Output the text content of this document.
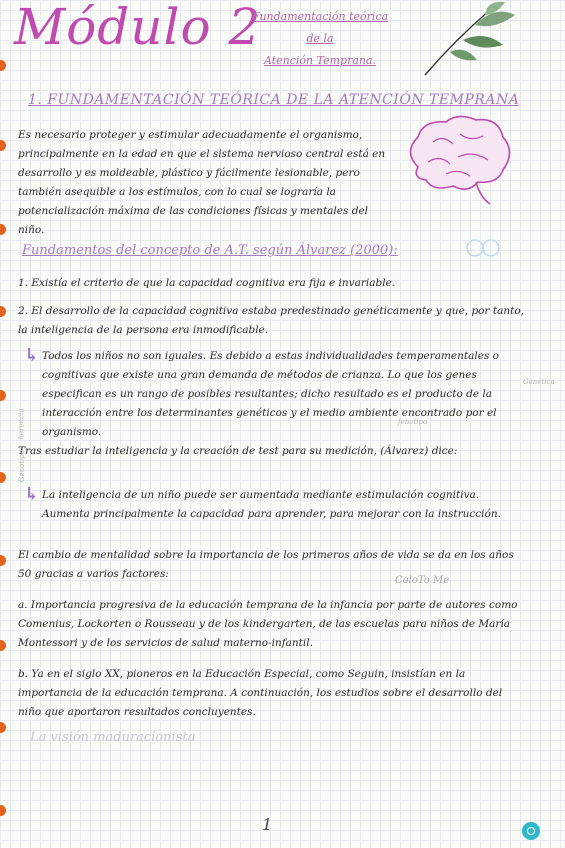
Módulo 2
Fundamentación teórica
de la
Atención Temprana.
1. FUNDAMENTACIÓN TEÓRICA DE LA ATENCIÓN TEMPRANA
Es necesario proteger y estimular adecuadamente el organismo, principalmente en la edad en que el sistema nervioso central está en desarrollo y es moldeable, plástico y fácilmente lesionable, pero también asequible a los estímulos, con lo cual se lograría la potencialización máxima de las condiciones físicas y mentales del niño.
Fundamentos del concepto de A.T. según Álvarez (2000):
1. Existía el criterio de que la capacidad cognitiva era fija e invariable.
2. El desarrollo de la capacidad cognitiva estaba predestinado genéticamente y que, por tanto, la inteligencia de la persona era inmodificable.
↳ Todos los niños no son iguales. Es debido a estas individualidades temperamentales o cognitivas que existe una gran demanda de métodos de crianza. Lo que los genes especifican es un rango de posibles resultantes; dicho resultado es el producto de la interacción entre los determinantes genéticos y el medio ambiente encontrado por el organismo.
Tras estudiar la inteligencia y la creación de test para su medición, (Álvarez) dice:
↳ La inteligencia de un niño puede ser aumentada mediante estimulación cognitiva. Aumenta principalmente la capacidad para aprender, para mejorar con la instrucción.
El cambio de mentalidad sobre la importancia de los primeros años de vida se da en los años 50 gracias a varios factores:
ColoTo Me
a. Importancia progresiva de la educación temprana de la infancia por parte de autores como Comenius, Lockorten o Rousseau y de los kindergarten, de las escuelas para niños de María Montessori y de los servicios de salud materno-infantil.
b. Ya en el siglo XX, pioneros en la Educación Especial, como Seguin, insistían en la importancia de la educación temprana. A continuación, los estudios sobre el desarrollo del niño que aportaron resultados concluyentes.
Genotipo
Genética
fenotipo
herencia
La visión maduracionista
1
